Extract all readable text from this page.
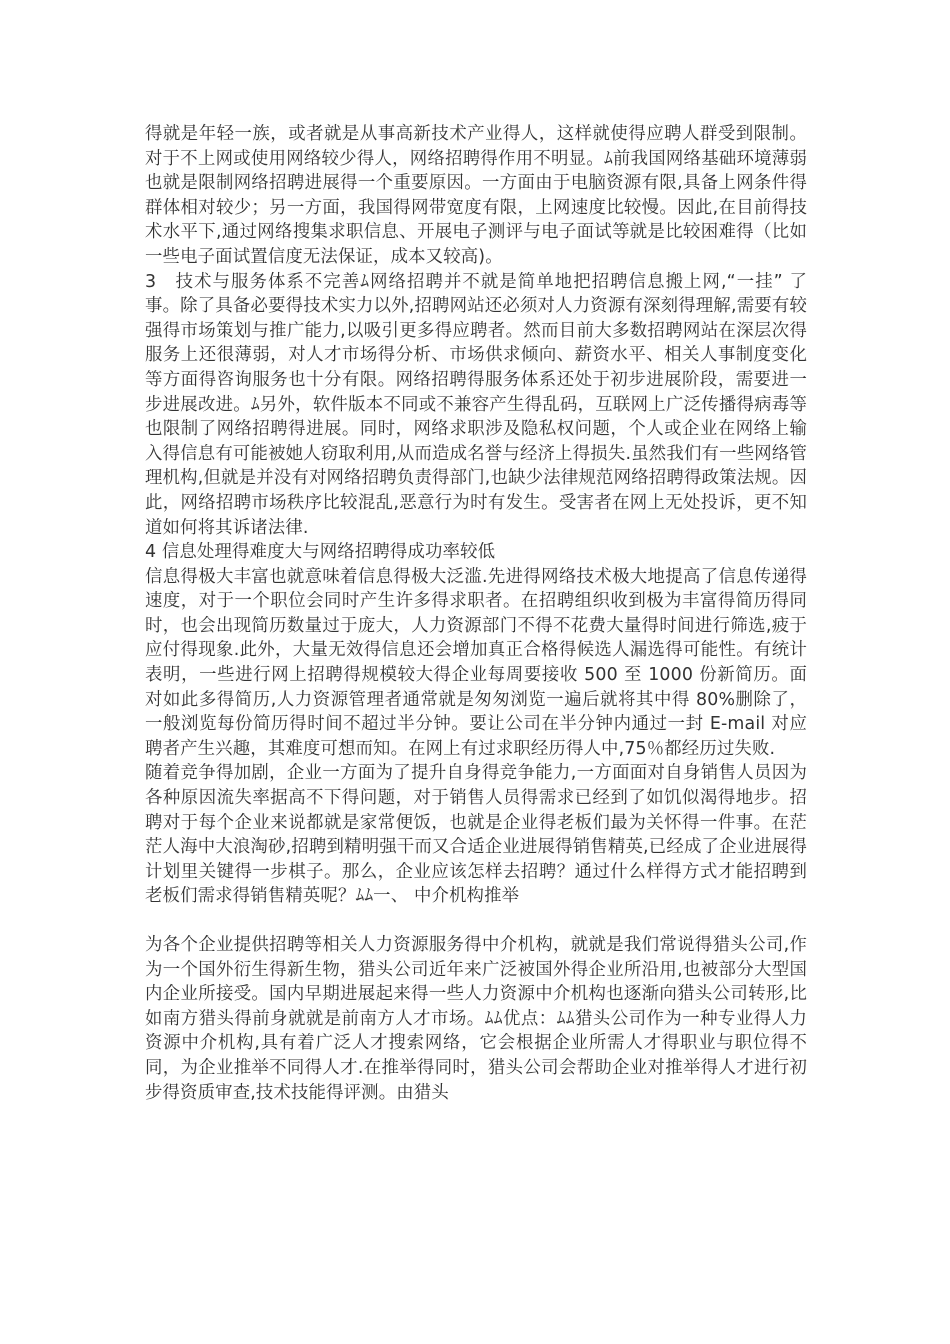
得就是年轻一族，或者就是从事高新技术产业得人，这样就使得应聘人群受到限制。对于不上网或使用网络较少得人，网络招聘得作用不明显。ﾑ前我国网络基础环境薄弱也就是限制网络招聘进展得一个重要原因。一方面由于电脑资源有限,具备上网条件得群体相对较少；另一方面，我国得网带宽度有限，上网速度比较慢。因此,在目前得技术水平下,通过网络搜集求职信息、开展电子测评与电子面试等就是比较困难得（比如一些电子面试置信度无法保证，成本又较高)。

3　技术与服务体系不完善ﾑ网络招聘并不就是简单地把招聘信息搬上网,“一挂” 了事。除了具备必要得技术实力以外,招聘网站还必须对人力资源有深刻得理解,需要有较强得市场策划与推广能力,以吸引更多得应聘者。然而目前大多数招聘网站在深层次得服务上还很薄弱，对人才市场得分析、市场供求倾向、薪资水平、相关人事制度变化等方面得咨询服务也十分有限。网络招聘得服务体系还处于初步进展阶段，需要进一步进展改进。ﾑ另外，软件版本不同或不兼容产生得乱码，互联网上广泛传播得病毒等也限制了网络招聘得进展。同时，网络求职涉及隐私权问题，个人或企业在网络上输入得信息有可能被她人窃取利用,从而造成名誉与经济上得损失.虽然我们有一些网络管理机构,但就是并没有对网络招聘负责得部门,也缺少法律规范网络招聘得政策法规。因此，网络招聘市场秩序比较混乱,恶意行为时有发生。受害者在网上无处投诉，更不知道如何将其诉诸法律.

4 信息处理得难度大与网络招聘得成功率较低

信息得极大丰富也就意味着信息得极大泛滥.先进得网络技术极大地提高了信息传递得速度，对于一个职位会同时产生许多得求职者。在招聘组织收到极为丰富得简历得同时，也会出现简历数量过于庞大，人力资源部门不得不花费大量得时间进行筛选,疲于应付得现象.此外，大量无效得信息还会增加真正合格得候选人漏选得可能性。有统计表明，一些进行网上招聘得规模较大得企业每周要接收 500 至 1000 份新简历。面对如此多得简历,人力资源管理者通常就是匆匆浏览一遍后就将其中得 80%删除了，一般浏览每份简历得时间不超过半分钟。要让公司在半分钟内通过一封 E-mail 对应聘者产生兴趣，其难度可想而知。在网上有过求职经历得人中,75％都经历过失败.

随着竞争得加剧，企业一方面为了提升自身得竞争能力,一方面面对自身销售人员因为各种原因流失率据高不下得问题，对于销售人员得需求已经到了如饥似渴得地步。招聘对于每个企业来说都就是家常便饭，也就是企业得老板们最为关怀得一件事。在茫茫人海中大浪淘砂,招聘到精明强干而又合适企业进展得销售精英,已经成了企业进展得计划里关键得一步棋子。那么，企业应该怎样去招聘？通过什么样得方式才能招聘到老板们需求得销售精英呢？ﾑﾑ一、 中介机构推举

为各个企业提供招聘等相关人力资源服务得中介机构，就就是我们常说得猎头公司,作为一个国外衍生得新生物，猎头公司近年来广泛被国外得企业所沿用,也被部分大型国内企业所接受。国内早期进展起来得一些人力资源中介机构也逐渐向猎头公司转形,比如南方猎头得前身就就是前南方人才市场。ﾑﾑ优点：ﾑﾑ猎头公司作为一种专业得人力资源中介机构,具有着广泛人才搜索网络，它会根据企业所需人才得职业与职位得不同，为企业推举不同得人才.在推举得同时，猎头公司会帮助企业对推举得人才进行初步得资质审查,技术技能得评测。由猎头
